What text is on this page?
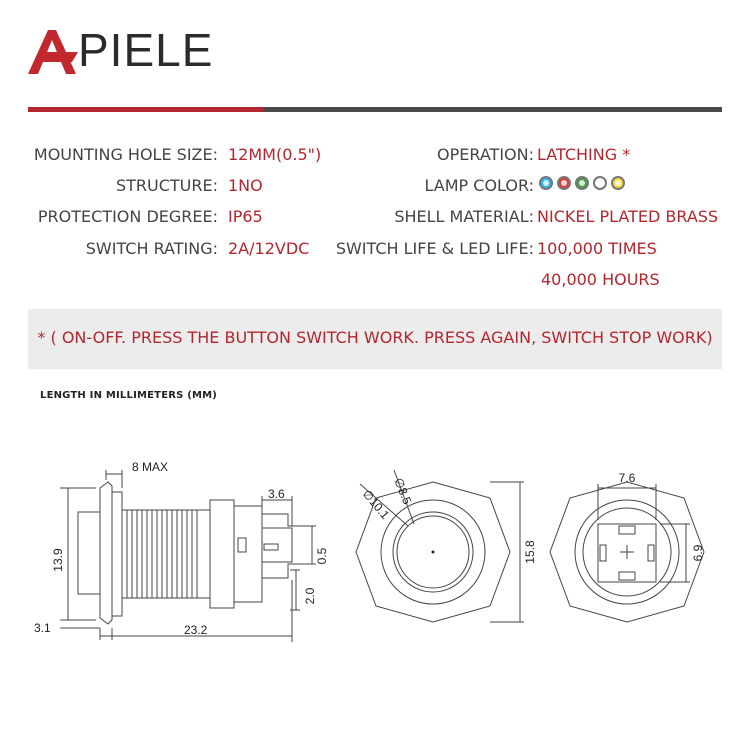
PIELE
MOUNTING HOLE SIZE: 12MM(0.5")
STRUCTURE: 1NO
PROTECTION DEGREE: IP65
SWITCH RATING: 2A/12VDC
OPERATION: LATCHING *
LAMP COLOR:
SHELL MATERIAL: NICKEL PLATED BRASS
SWITCH LIFE & LED LIFE: 100,000 TIMES
40,000 HOURS
* ( ON-OFF. PRESS THE BUTTON SWITCH WORK. PRESS AGAIN, SWITCH STOP WORK)
LENGTH IN MILLIMETERS (MM)
8 MAX
13.9
3.1	23.2
3.6
0.5
2.0
∅10.1 ∅8.5
15.8
7.6
6.9
